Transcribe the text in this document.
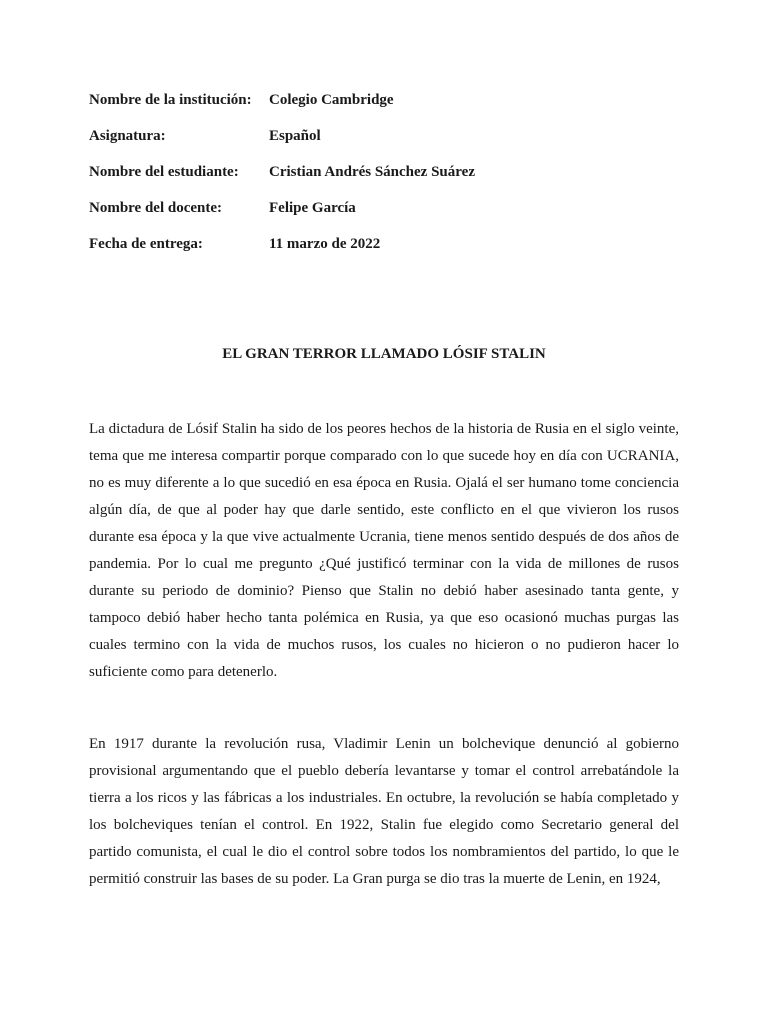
Nombre de la institución:	Colegio Cambridge
Asignatura:	Español
Nombre del estudiante:	Cristian Andrés Sánchez Suárez
Nombre del docente:	Felipe García
Fecha de entrega:	11 marzo de 2022
EL GRAN TERROR LLAMADO LÓSIF STALIN

La dictadura de Lósif Stalin ha sido de los peores hechos de la historia de Rusia en el siglo veinte, tema que me interesa compartir porque comparado con lo que sucede hoy en día con UCRANIA, no es muy diferente a lo que sucedió en esa época en Rusia. Ojalá el ser humano tome conciencia algún día, de que al poder hay que darle sentido, este conflicto en el que vivieron los rusos durante esa época y la que vive actualmente Ucrania, tiene menos sentido después de dos años de pandemia. Por lo cual me pregunto ¿Qué justificó terminar con la vida de millones de rusos durante su periodo de dominio? Pienso que Stalin no debió haber asesinado tanta gente, y tampoco debió haber hecho tanta polémica en Rusia, ya que eso ocasionó muchas purgas las cuales termino con la vida de muchos rusos, los cuales no hicieron o no pudieron hacer lo suficiente como para detenerlo.

En 1917 durante la revolución rusa, Vladimir Lenin un bolchevique denunció al gobierno provisional argumentando que el pueblo debería levantarse y tomar el control arrebatándole la tierra a los ricos y las fábricas a los industriales. En octubre, la revolución se había completado y los bolcheviques tenían el control. En 1922, Stalin fue elegido como Secretario general del partido comunista, el cual le dio el control sobre todos los nombramientos del partido, lo que le permitió construir las bases de su poder. La Gran purga se dio tras la muerte de Lenin, en 1924,
